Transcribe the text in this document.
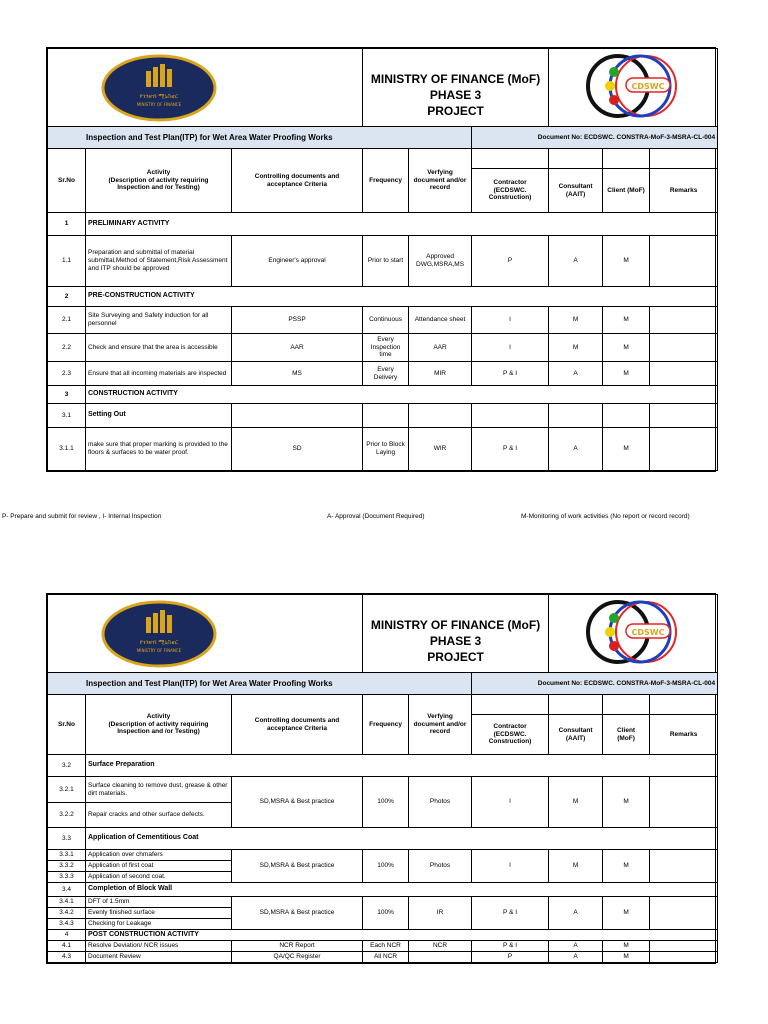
የገንዘብ ሚኒስቴር
MINISTRY OF FINANCE			MINISTRY OF FINANCE (MoF) PHASE 3
PROJECT			CDSWC		

Inspection and Test Plan(ITP) for Wet Area Water Proofing Works					Document No: ECDSWC. CONSTRA-MoF-3-MSRA-CL-004			
Sr.No	Activity
(Description of activity requiring
Inspection and /or Testing)	Controlling documents and
acceptance Criteria	Frequency	Verfying
document and/or
record				
					Contractor
(ECDSWC.
Construction)	Consultant
(AAIT)	Client (MoF)	Remarks
1	PRELIMINARY ACTIVITY							
1.1	Preparation and submittal of material submittal,Method of Statement,Risk Assessment and ITP should be approved	Engineer's approval	Prior to start	Approved
DWG,MSRA,MS	P	A	M	
2	PRE-CONSTRUCTION ACTIVITY							
2.1	Site Surveying and Safety induction for all personnel	PSSP	Continuous	Attendance sheet	I	M	M	
2.2	Check and ensure that the area is accessible	AAR	Every Inspection time	AAR	I	M	M	
2.3	Ensure that all incoming materials are inspected	MS	Every Delivery	MIR	P & I	A	M	
3	CONSTRUCTION ACTIVITY							
3.1	Setting Out							
3.1.1	make sure that proper marking is provided to the floors & surfaces to be water proof.	SD	Prior to Block Laying	WIR	P & I	A	M	
P- Prepare and submit for review , I- Internal Inspection	A- Approval (Document Required)	M-Monitoring of work activities (No report or record record)
የገንዘብ ሚኒስቴር
MINISTRY OF FINANCE			MINISTRY OF FINANCE (MoF) PHASE 3
PROJECT			CDSWC		

Inspection and Test Plan(ITP) for Wet Area Water Proofing Works					Document No: ECDSWC. CONSTRA-MoF-3-MSRA-CL-004			
Sr.No	Activity
(Description of activity requiring
Inspection and /or Testing)	Controlling documents and
acceptance Criteria	Frequency	Verfying
document and/or
record				
					Contractor
(ECDSWC.
Construction)	Consultant
(AAIT)	Client
(MoF)	Remarks
3.2	Surface Preparation							
3.2.1	Surface cleaning to remove dust, grease & other dirt materials.	SD,MSRA & Best practice	100%	Photos	I	M	M	
3.2.2	Repair cracks and other surface defects.							
3.3	Application of Cementitious Coat							
3.3.1	Application over chmafers	SD,MSRA & Best practice	100%	Photos	I	M	M	
3.3.2	Application of first coat							
3.3.3	Application of second coat.							
3.4	Completion of Block Wall							
3.4.1	DFT of 1.5mm	SD,MSRA & Best practice	100%	IR	P & I	A	M	
3.4.2	Evenly finished surface							
3.4.3	Checking for Leakage							
4	POST CONSTRUCTION ACTIVITY							
4.1	Resolve Deviation/ NCR issues	NCR Report	Each NCR	NCR	P & I	A	M	
4.3	Document Review	QA/QC Register	All NCR		P	A	M	
